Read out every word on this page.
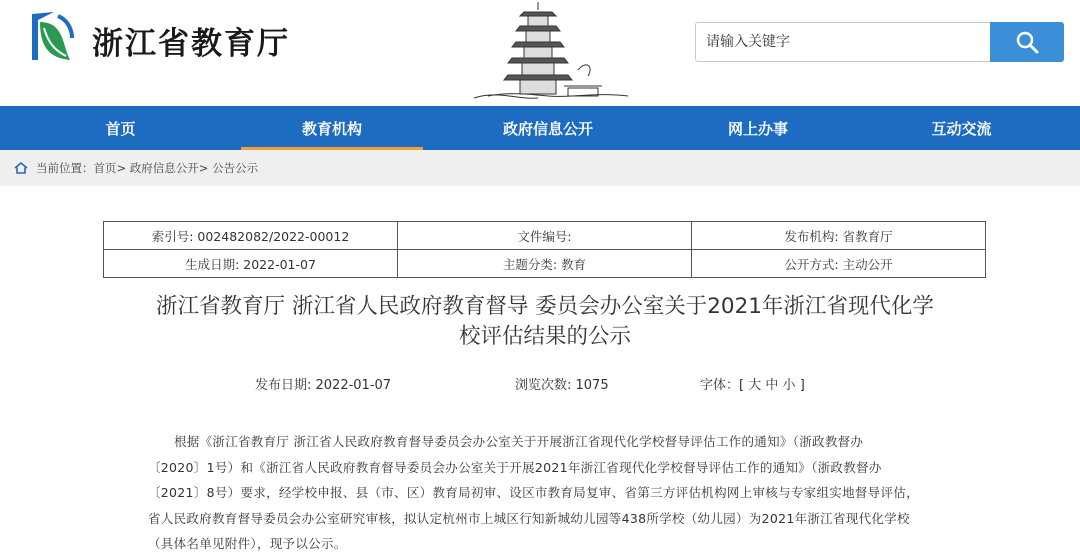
浙江省教育厅
请输入关键字
首页	教育机构	政府信息公开	网上办事	互动交流
当前位置： 首页 >
政府信息公开 >
公告公示
索引号: 002482082/2022-00012	文件编号:	发布机构: 省教育厅
生成日期: 2022-01-07	主题分类: 教育	公开方式: 主动公开
浙江省教育厅 浙江省人民政府教育督导 委员会办公室关于2021年浙江省现代化学
校评估结果的公示
发布日期: 2022-01-07	浏览次数: 1075	字体：[ 大 中 小 ]

根据《浙江省教育厅 浙江省人民政府教育督导委员会办公室关于开展浙江省现代化学校督导评估工作的通知》（浙政教督办

〔2020〕1号）和《浙江省人民政府教育督导委员会办公室关于开展2021年浙江省现代化学校督导评估工作的通知》（浙政教督办

〔2021〕8号）要求，经学校申报、县（市、区）教育局初审、设区市教育局复审、省第三方评估机构网上审核与专家组实地督导评估，

省人民政府教育督导委员会办公室研究审核，拟认定杭州市上城区行知新城幼儿园等438所学校（幼儿园）为2021年浙江省现代化学校

（具体名单见附件），现予以公示。
